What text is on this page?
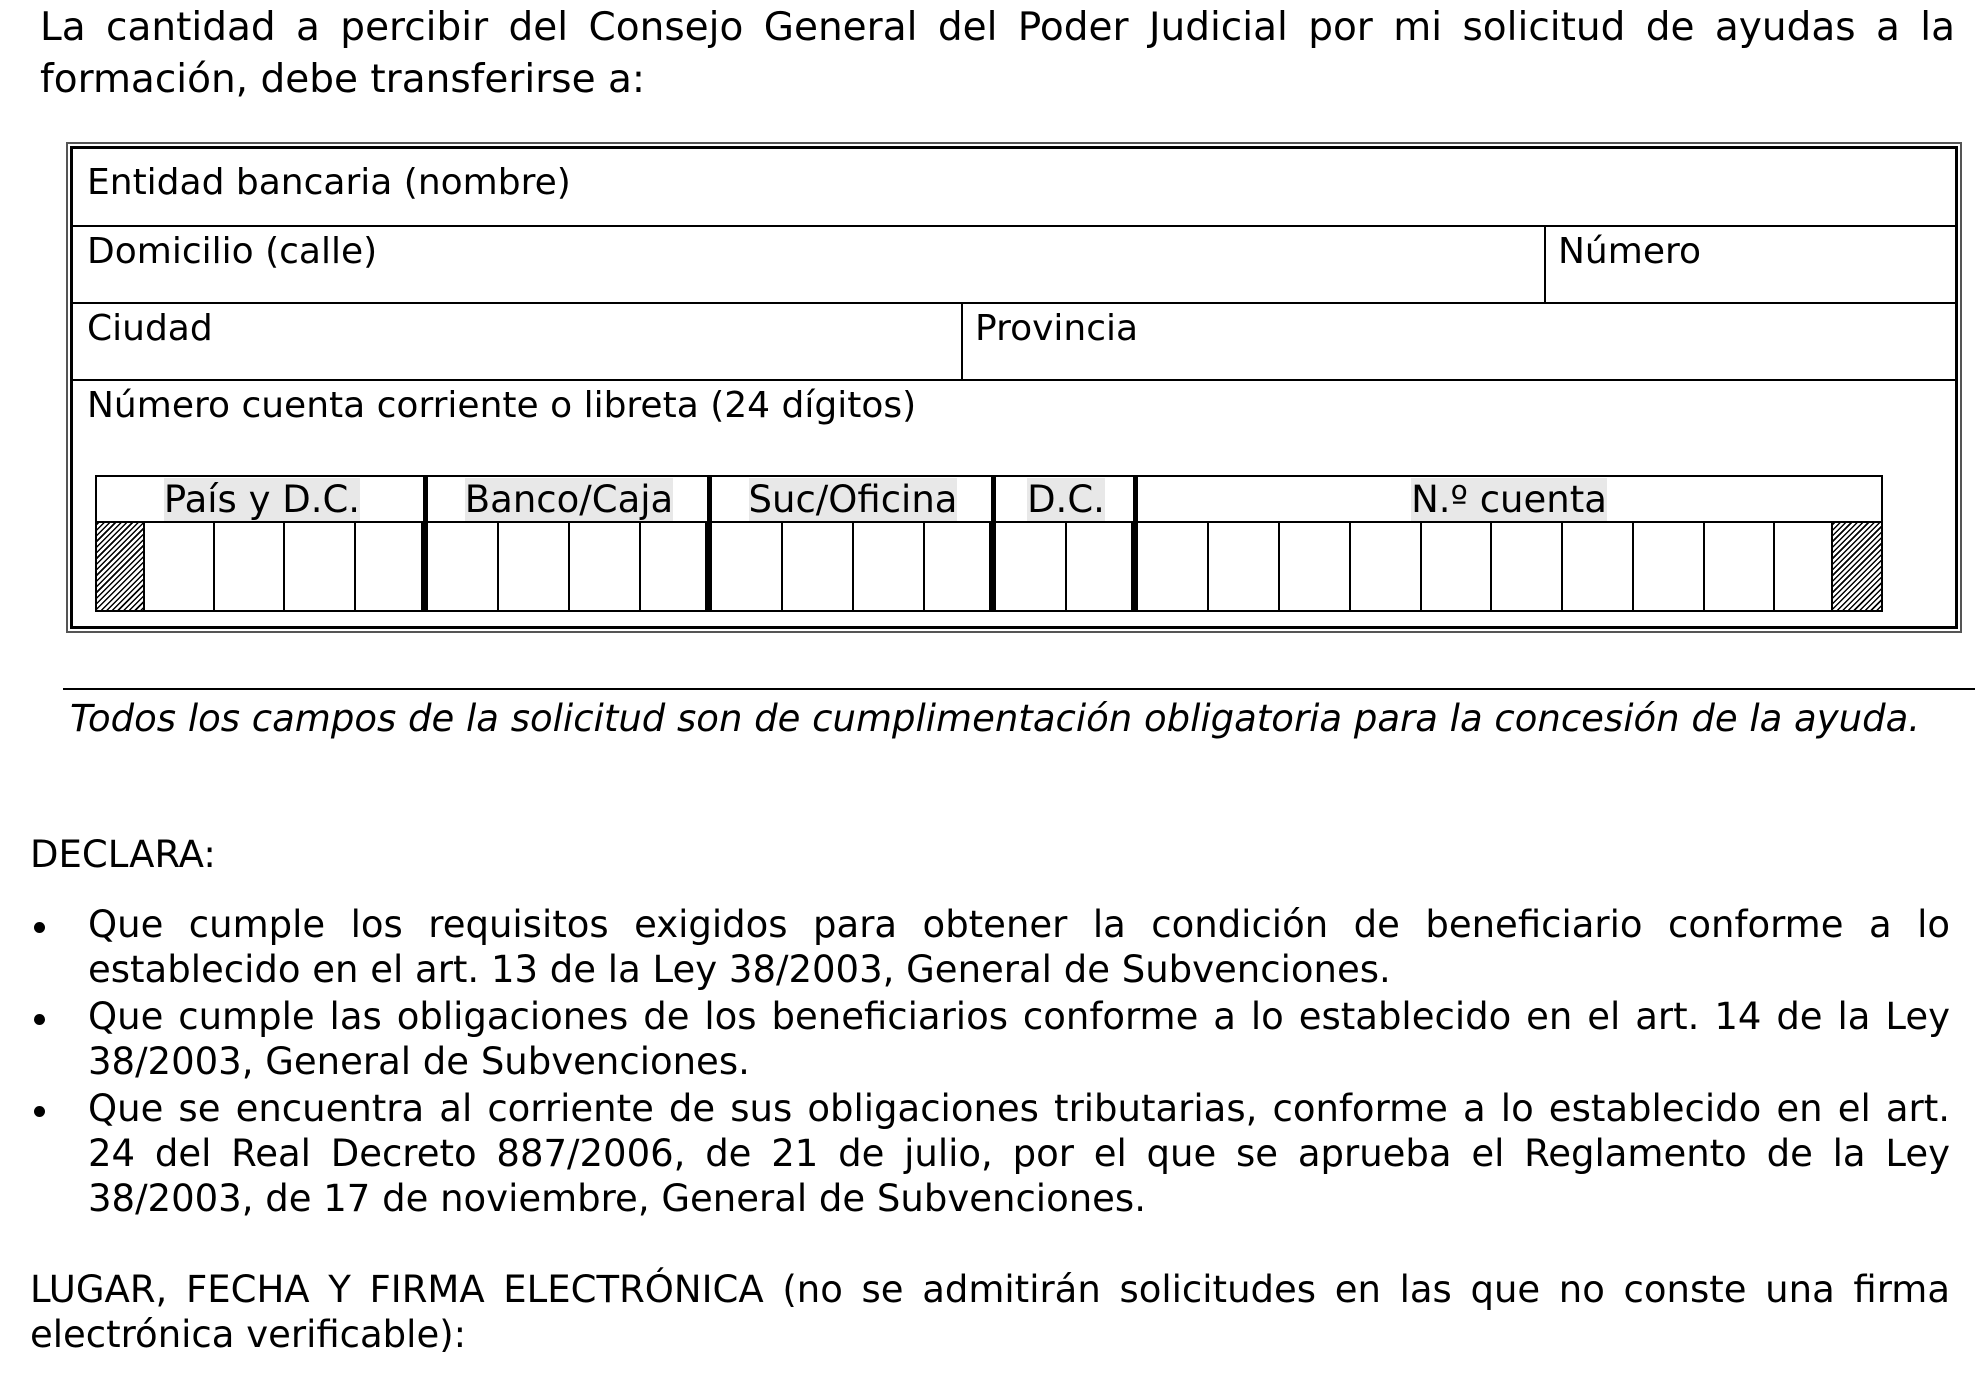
La cantidad a percibir del Consejo General del Poder Judicial por mi solicitud de ayudas a la formación, debe transferirse a:
Entidad bancaria (nombre)
Domicilio (calle)	Número
Ciudad	Provincia
Número cuenta corriente o libreta (24 dígitos)
País y D.C.	Banco/Caja	Suc/Oficina	D.C.	N.º cuenta
Todos los campos de la solicitud son de cumplimentación obligatoria para la concesión de la ayuda.
DECLARA:
Que cumple los requisitos exigidos para obtener la condición de beneficiario conforme a lo establecido en el art. 13 de la Ley 38/2003, General de Subvenciones.
Que cumple las obligaciones de los beneficiarios conforme a lo establecido en el art. 14 de la Ley 38/2003, General de Subvenciones.
Que se encuentra al corriente de sus obligaciones tributarias, conforme a lo establecido en el art. 24 del Real Decreto 887/2006, de 21 de julio, por el que se aprueba el Reglamento de la Ley 38/2003, de 17 de noviembre, General de Subvenciones.
LUGAR, FECHA Y FIRMA ELECTRÓNICA (no se admitirán solicitudes en las que no conste una firma electrónica verificable):
